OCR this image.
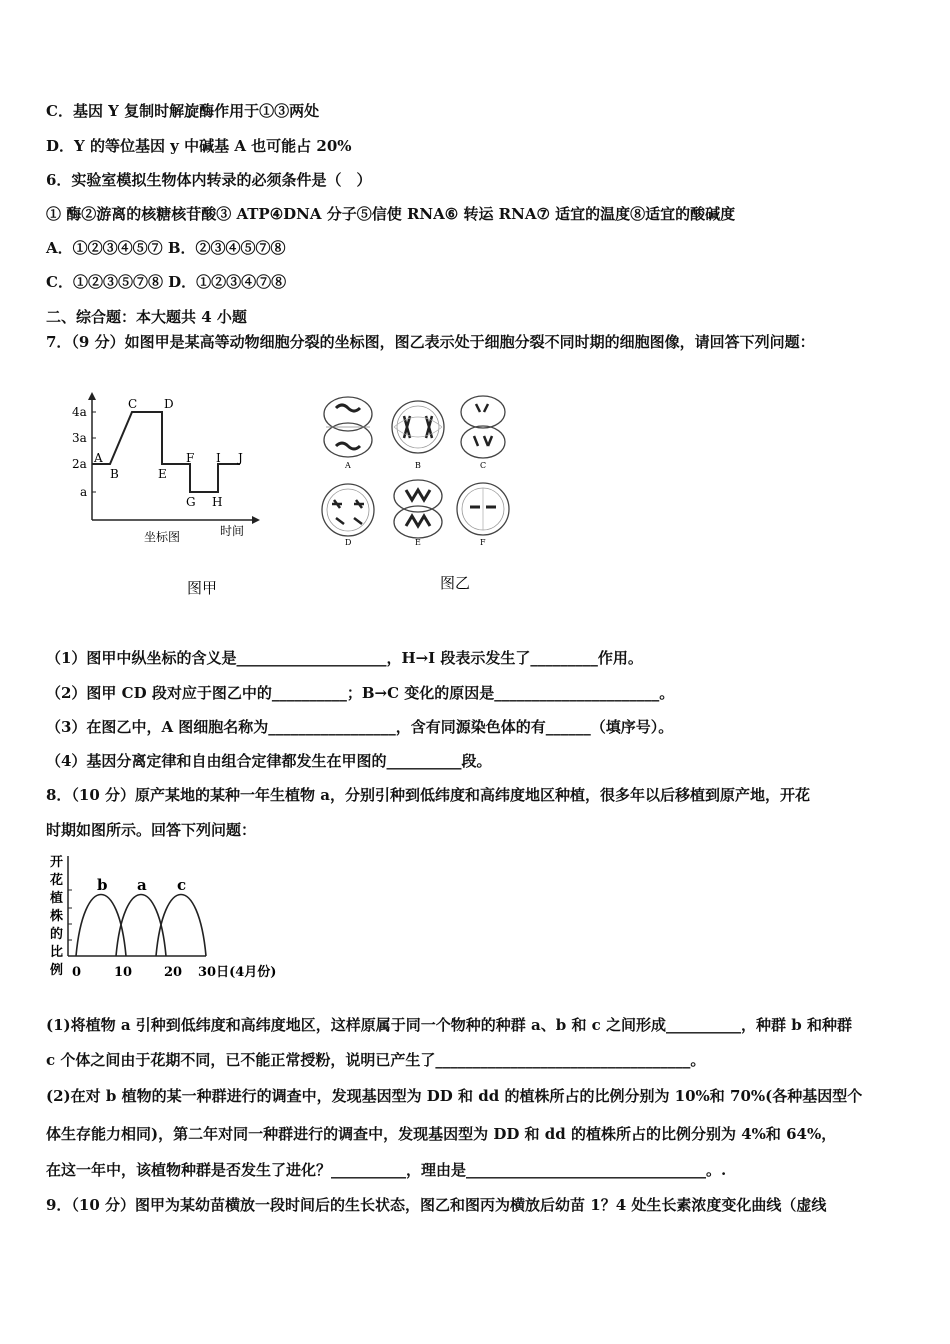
C．基因 Y 复制时解旋酶作用于①③两处
D．Y 的等位基因 y 中碱基 A 也可能占 20%
6．实验室模拟生物体内转录的必须条件是（　）
① 酶②游离的核糖核苷酸③ ATP④DNA 分子⑤信使 RNA⑥ 转运 RNA⑦ 适宜的温度⑧适宜的酸碱度
A．①②③④⑤⑦ B．②③④⑤⑦⑧
C．①②③⑤⑦⑧ D．①②③④⑦⑧
二、综合题：本大题共 4 小题
7．（9 分）如图甲是某高等动物细胞分裂的坐标图，图乙表示处于细胞分裂不同时期的细胞图像，请回答下列问题：
4a
3a
2a
a
A
B
C D
E
F
G H
I J
坐标图	时间
图甲
A	B	C
D	E	F
图乙
（1）图甲中纵坐标的含义是____________________，H→I 段表示发生了_________作用。
（2）图甲 CD 段对应于图乙中的__________；B→C 变化的原因是______________________。
（3）在图乙中，A 图细胞名称为_________________，含有同源染色体的有______（填序号）。
（4）基因分离定律和自由组合定律都发生在甲图的__________段。
8．（10 分）原产某地的某种一年生植物 a，分别引种到低纬度和高纬度地区种植，很多年以后移植到原产地，开花
时期如图所示。回答下列问题：
开
花
植
株
的
比
例
b a c
0	10 20 30日(4月份)
(1)将植物 a 引种到低纬度和高纬度地区，这样原属于同一个物种的种群 a、b 和 c 之间形成__________，种群 b 和种群
c 个体之间由于花期不同，已不能正常授粉，说明已产生了__________________________________。
(2)在对 b 植物的某一种群进行的调查中，发现基因型为 DD 和 dd 的植株所占的比例分别为 10%和 70%(各种基因型个
体生存能力相同)，第二年对同一种群进行的调查中，发现基因型为 DD 和 dd 的植株所占的比例分别为 4%和 64%，
在这一年中，该植物种群是否发生了进化？__________，理由是________________________________。.
9．（10 分）图甲为某幼苗横放一段时间后的生长状态，图乙和图丙为横放后幼苗 1？4 处生长素浓度变化曲线（虚线
